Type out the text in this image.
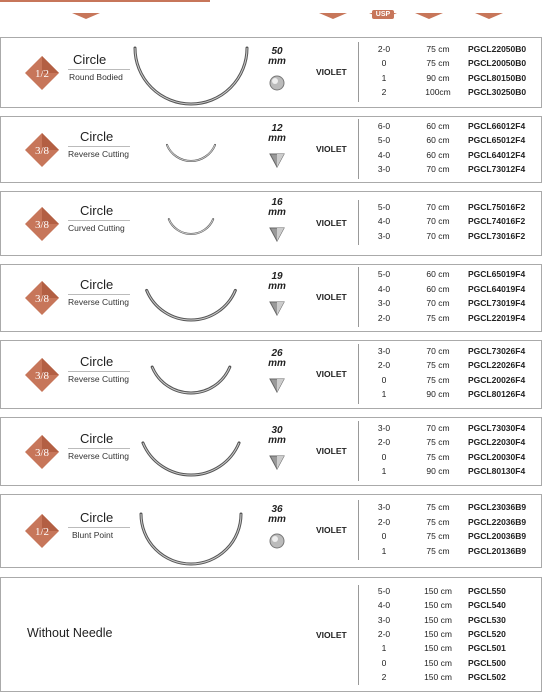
USP
Without Needle	VIOLET
5-0	150 cm	PGCL550
4-0	150 cm	PGCL540
3-0	150 cm	PGCL530
2-0	150 cm	PGCL520
1	150 cm	PGCL501
0	150 cm	PGCL500
2	150 cm	PGCL502
1/2
Circle
Round Bodied
50
mm
VIOLET
2-0	75 cm	PGCL22050B0
0	75 cm	PGCL20050B0
1	90 cm	PGCL80150B0
2	100cm	PGCL30250B0
3/8
Circle
Reverse Cutting
12
mm
VIOLET
6-0	60 cm	PGCL66012F4
5-0	60 cm	PGCL65012F4
4-0	60 cm	PGCL64012F4
3-0	70 cm	PGCL73012F4
3/8
Circle
Curved Cutting
16
mm
VIOLET
5-0	70 cm	PGCL75016F2
4-0	70 cm	PGCL74016F2
3-0	70 cm	PGCL73016F2
3/8
Circle
Reverse Cutting
19
mm
VIOLET
5-0	60 cm	PGCL65019F4
4-0	60 cm	PGCL64019F4
3-0	70 cm	PGCL73019F4
2-0	75 cm	PGCL22019F4
3/8
Circle
Reverse Cutting
26
mm
VIOLET
3-0	70 cm	PGCL73026F4
2-0	75 cm	PGCL22026F4
0	75 cm	PGCL20026F4
1	90 cm	PGCL80126F4
3/8
Circle
Reverse Cutting
30
mm
VIOLET
3-0	70 cm	PGCL73030F4
2-0	75 cm	PGCL22030F4
0	75 cm	PGCL20030F4
1	90 cm	PGCL80130F4
1/2
Circle
Blunt Point
36
mm
VIOLET
3-0	75 cm	PGCL23036B9
2-0	75 cm	PGCL22036B9
0	75 cm	PGCL20036B9
1	75 cm	PGCL20136B9
